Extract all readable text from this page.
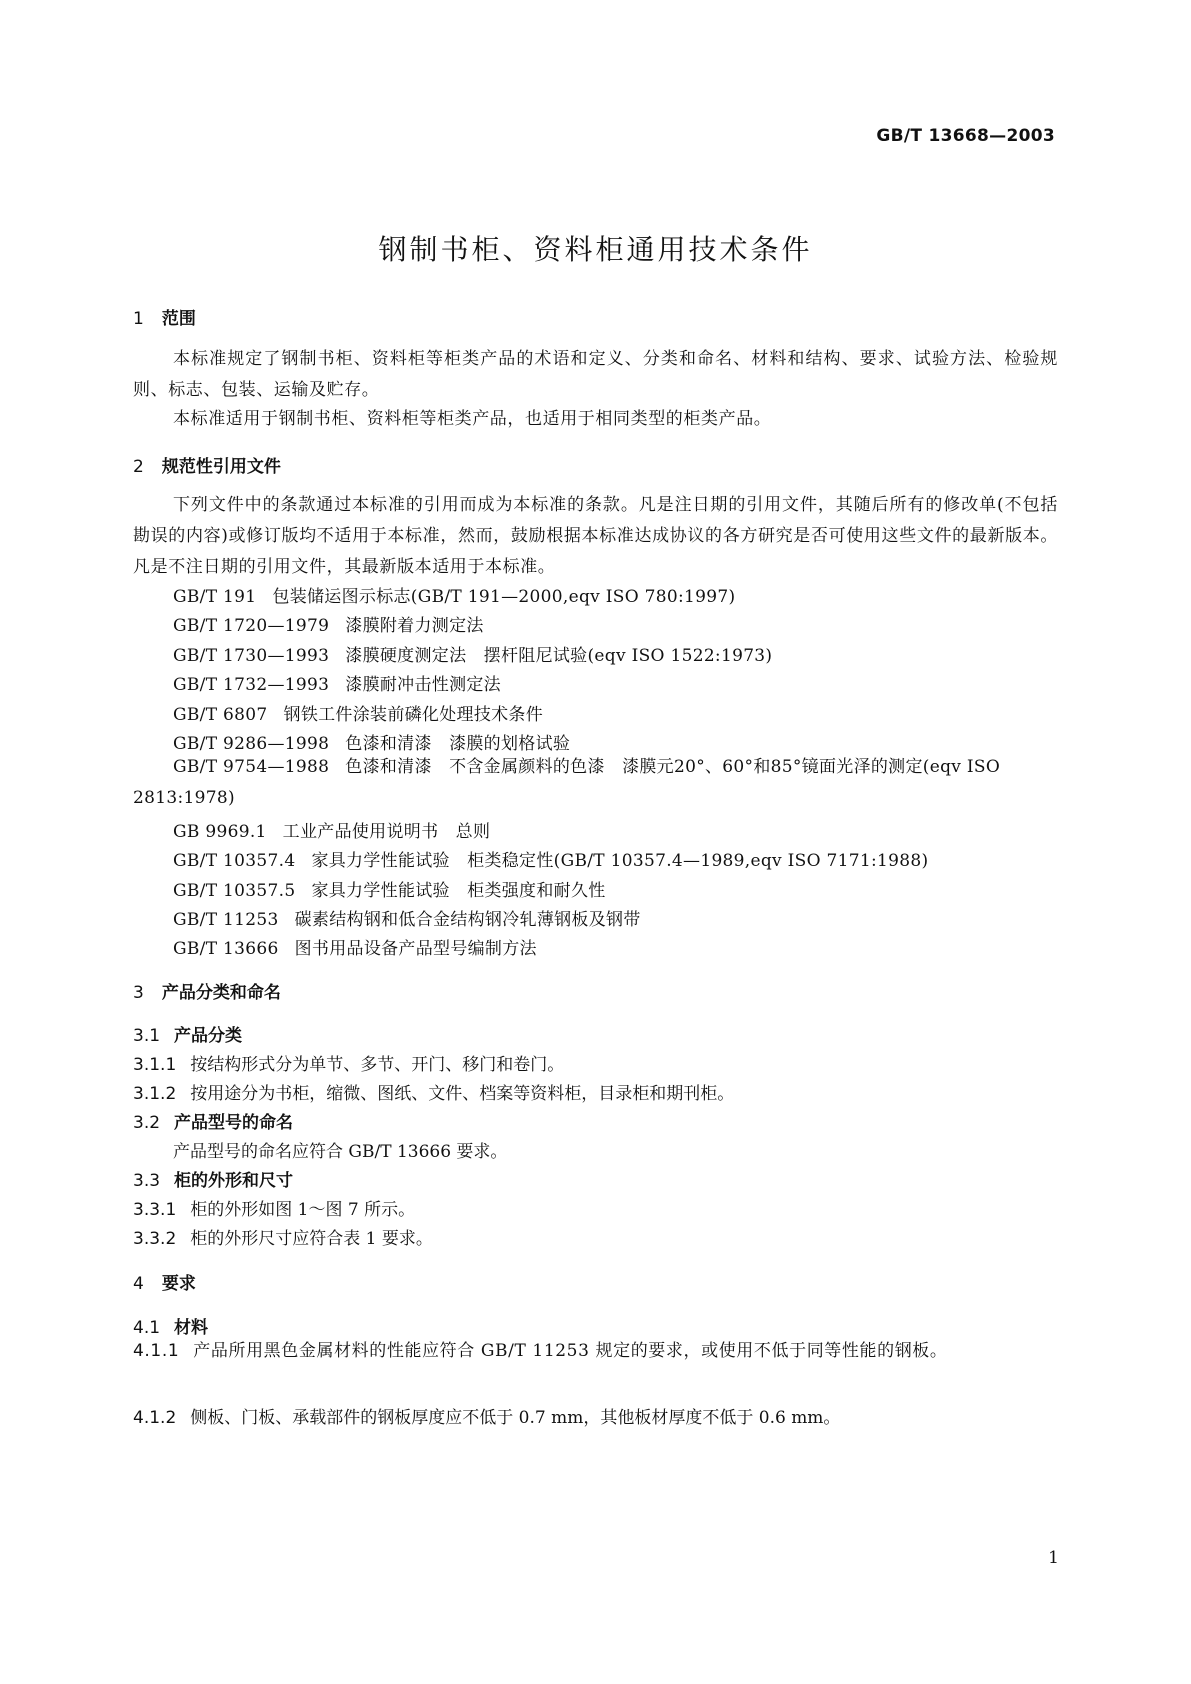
GB/T 13668—2003
钢制书柜、资料柜通用技术条件
1 范围
本标准规定了钢制书柜、资料柜等柜类产品的术语和定义、分类和命名、材料和结构、要求、试验方法、检验规则、标志、包装、运输及贮存。
本标准适用于钢制书柜、资料柜等柜类产品，也适用于相同类型的柜类产品。
2 规范性引用文件
下列文件中的条款通过本标准的引用而成为本标准的条款。凡是注日期的引用文件，其随后所有的修改单(不包括勘误的内容)或修订版均不适用于本标准，然而，鼓励根据本标准达成协议的各方研究是否可使用这些文件的最新版本。凡是不注日期的引用文件，其最新版本适用于本标准。
GB/T 191 包装储运图示标志(GB/T 191—2000,eqv ISO 780:1997)
GB/T 1720—1979 漆膜附着力测定法
GB/T 1730—1993 漆膜硬度测定法　摆杆阻尼试验(eqv ISO 1522:1973)
GB/T 1732—1993 漆膜耐冲击性测定法
GB/T 6807 钢铁工件涂装前磷化处理技术条件
GB/T 9286—1998 色漆和清漆　漆膜的划格试验
GB/T 9754—1988 色漆和清漆　不含金属颜料的色漆　漆膜元20°、60°和85°镜面光泽的测定(eqv ISO 2813:1978)
GB 9969.1 工业产品使用说明书　总则
GB/T 10357.4 家具力学性能试验　柜类稳定性(GB/T 10357.4—1989,eqv ISO 7171:1988)
GB/T 10357.5 家具力学性能试验　柜类强度和耐久性
GB/T 11253 碳素结构钢和低合金结构钢冷轧薄钢板及钢带
GB/T 13666 图书用品设备产品型号编制方法
3 产品分类和命名
3.1 产品分类
3.1.1 按结构形式分为单节、多节、开门、移门和卷门。
3.1.2 按用途分为书柜，缩微、图纸、文件、档案等资料柜，目录柜和期刊柜。
3.2 产品型号的命名
产品型号的命名应符合 GB/T 13666 要求。
3.3 柜的外形和尺寸
3.3.1 柜的外形如图 1～图 7 所示。
3.3.2 柜的外形尺寸应符合表 1 要求。
4 要求
4.1 材料
4.1.1 产品所用黑色金属材料的性能应符合 GB/T 11253 规定的要求，或使用不低于同等性能的钢板。
4.1.2 侧板、门板、承载部件的钢板厚度应不低于 0.7 mm，其他板材厚度不低于 0.6 mm。
1
